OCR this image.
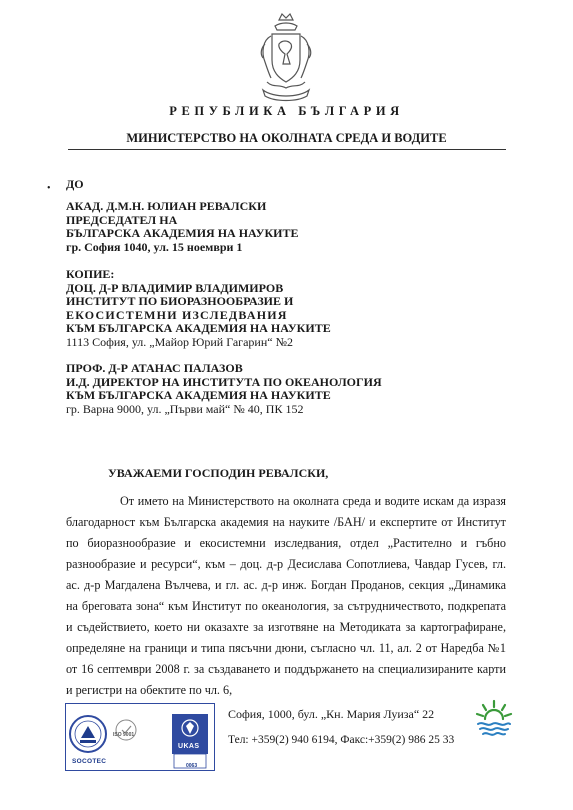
РЕПУБЛИКА БЪЛГАРИЯ
МИНИСТЕРСТВО НА ОКОЛНАТА СРЕДА И ВОДИТЕ
• ДО
АКАД. Д.М.Н. ЮЛИАН РЕВАЛСКИ
ПРЕДСЕДАТЕЛ НА
БЪЛГАРСКА АКАДЕМИЯ НА НАУКИТЕ
гр. София 1040, ул. 15 ноември 1
КОПИЕ:
ДОЦ. Д-Р ВЛАДИМИР ВЛАДИМИРОВ
ИНСТИТУТ ПО БИОРАЗНООБРАЗИЕ И
ЕКОСИСТЕМНИ ИЗСЛЕДВАНИЯ
КЪМ БЪЛГАРСКА АКАДЕМИЯ НА НАУКИТЕ
1113 София, ул. „Майор Юрий Гагарин“ №2
ПРОФ. Д-Р АТАНАС ПАЛАЗОВ
И.Д. ДИРЕКТОР НА ИНСТИТУТА ПО ОКЕАНОЛОГИЯ
КЪМ БЪЛГАРСКА АКАДЕМИЯ НА НАУКИТЕ
гр. Варна 9000, ул. „Първи май“ № 40, ПК 152
УВАЖАЕМИ ГОСПОДИН РЕВАЛСКИ,

От името на Министерството на околната среда и водите искам да изразя благодарност към Българска академия на науките /БАН/ и експертите от Институт по биоразнообразие и екосистемни изследвания, отдел „Растително и гъбно разнообразие и ресурси“, към – доц. д-р Десислава Сопотлиева, Чавдар Гусев, гл. ас. д-р Магдалена Вълчева, и гл. ас. д-р инж. Богдан Проданов, секция „Динамика на бреговата зона“ към Институт по океанология, за сътрудничеството, подкрепата и съдействието, което ни оказахте за изготвяне на Методиката за картографиране, определяне на граници и типа пясъчни дюни, съгласно чл. 11, ал. 2 от Наредба №1 от 16 септември 2008 г. за създаването и поддържането на специализираните карти и регистри на обектите по чл. 6,

SOCOTEC
ISO 9001
UKAS
0063
София, 1000, бул. „Кн. Мария Луиза“ 22
Тел: +359(2) 940 6194, Факс:+359(2) 986 25 33
